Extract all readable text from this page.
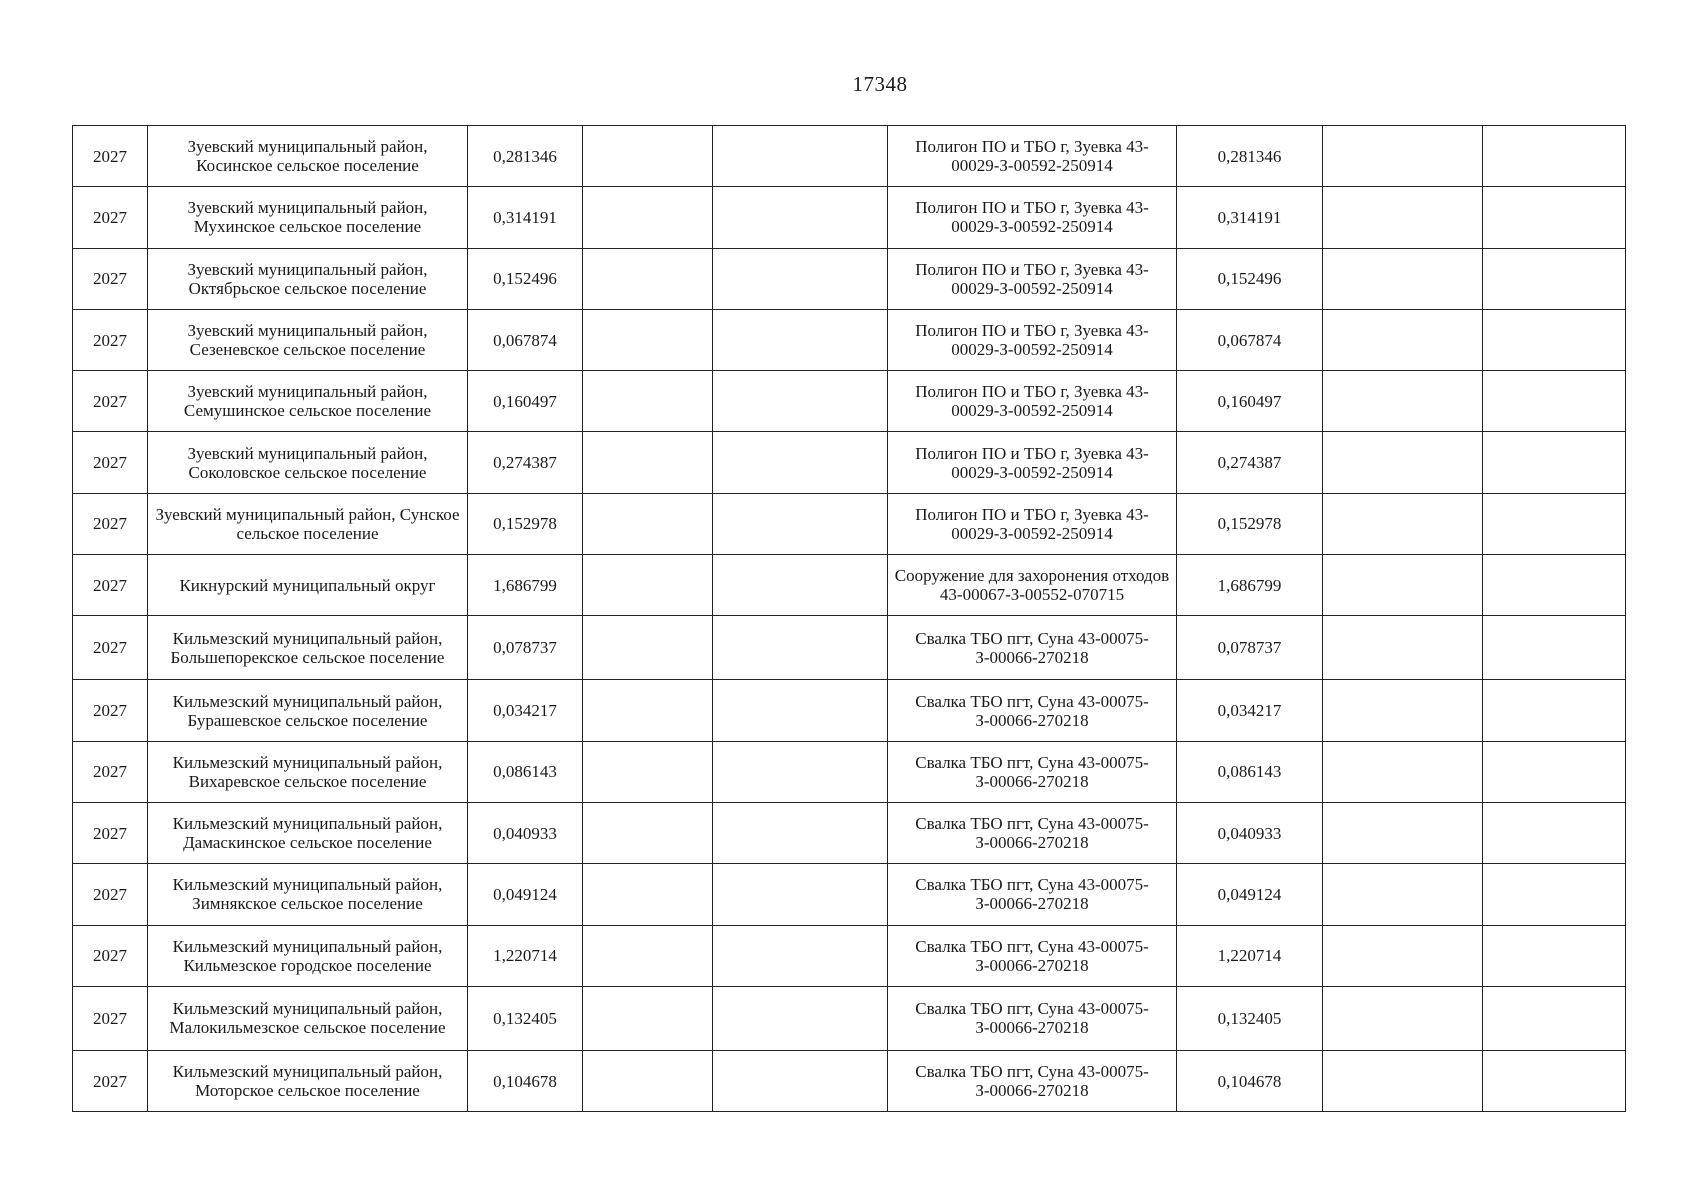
17348
2027	Зуевский муниципальный район, Косинское сельское поселение	0,281346			Полигон ПО и ТБО г, Зуевка 43-00029-З-00592-250914	0,281346		
2027	Зуевский муниципальный район, Мухинское сельское поселение	0,314191			Полигон ПО и ТБО г, Зуевка 43-00029-З-00592-250914	0,314191		
2027	Зуевский муниципальный район, Октябрьское сельское поселение	0,152496			Полигон ПО и ТБО г, Зуевка 43-00029-З-00592-250914	0,152496		
2027	Зуевский муниципальный район, Сезеневское сельское поселение	0,067874			Полигон ПО и ТБО г, Зуевка 43-00029-З-00592-250914	0,067874		
2027	Зуевский муниципальный район, Семушинское сельское поселение	0,160497			Полигон ПО и ТБО г, Зуевка 43-00029-З-00592-250914	0,160497		
2027	Зуевский муниципальный район, Соколовское сельское поселение	0,274387			Полигон ПО и ТБО г, Зуевка 43-00029-З-00592-250914	0,274387		
2027	Зуевский муниципальный район, Сунское сельское поселение	0,152978			Полигон ПО и ТБО г, Зуевка 43-00029-З-00592-250914	0,152978		
2027	Кикнурский муниципальный округ	1,686799			Сооружение для захоронения отходов 43-00067-З-00552-070715	1,686799		
2027	Кильмезский муниципальный район, Большепорекское сельское поселение	0,078737			Свалка ТБО пгт, Суна 43-00075-З-00066-270218	0,078737		
2027	Кильмезский муниципальный район, Бурашевское сельское поселение	0,034217			Свалка ТБО пгт, Суна 43-00075-З-00066-270218	0,034217		
2027	Кильмезский муниципальный район, Вихаревское сельское поселение	0,086143			Свалка ТБО пгт, Суна 43-00075-З-00066-270218	0,086143		
2027	Кильмезский муниципальный район, Дамаскинское сельское поселение	0,040933			Свалка ТБО пгт, Суна 43-00075-З-00066-270218	0,040933		
2027	Кильмезский муниципальный район, Зимнякское сельское поселение	0,049124			Свалка ТБО пгт, Суна 43-00075-З-00066-270218	0,049124		
2027	Кильмезский муниципальный район, Кильмезское городское поселение	1,220714			Свалка ТБО пгт, Суна 43-00075-З-00066-270218	1,220714		
2027	Кильмезский муниципальный район, Малокильмезское сельское поселение	0,132405			Свалка ТБО пгт, Суна 43-00075-З-00066-270218	0,132405		
2027	Кильмезский муниципальный район, Моторское сельское поселение	0,104678			Свалка ТБО пгт, Суна 43-00075-З-00066-270218	0,104678		
